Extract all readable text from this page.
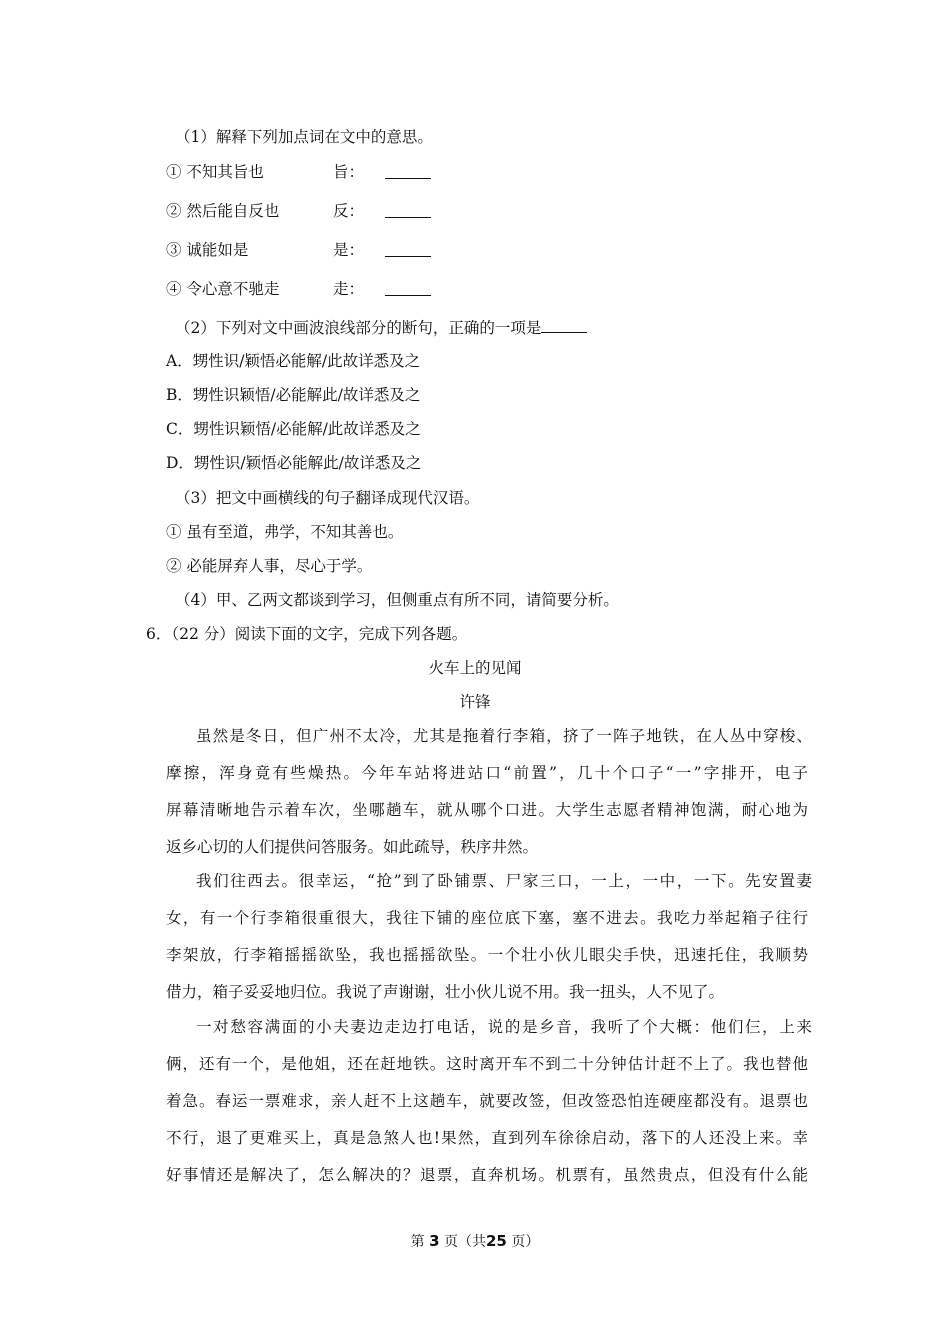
（1）解释下列加点词在文中的意思。
① 不知其旨也	旨：
② 然后能自反也	反：
③ 诚能如是	是：
④ 令心意不驰走	走：
（2）下列对文中画波浪线部分的断句，正确的一项是
A．甥性识/颖悟必能解/此故详悉及之
B．甥性识颖悟/必能解此/故详悉及之
C．甥性识颖悟/必能解/此故详悉及之
D．甥性识/颖悟必能解此/故详悉及之
（3）把文中画横线的句子翻译成现代汉语。
① 虽有至道，弗学，不知其善也。
② 必能屏弃人事，尽心于学。
（4）甲、乙两文都谈到学习，但侧重点有所不同，请简要分析。
6．（22 分）阅读下面的文字，完成下列各题。
火车上的见闻
许锋
虽然是冬日，但广州不太冷，尤其是拖着行李箱，挤了一阵子地铁，在人丛中穿梭、
摩擦，浑身竟有些燥热。今年车站将进站口“前置”，几十个口子“一”字排开，电子
屏幕清晰地告示着车次，坐哪趟车，就从哪个口进。大学生志愿者精神饱满，耐心地为
返乡心切的人们提供问答服务。如此疏导，秩序井然。
我们往西去。很幸运，“抢”到了卧铺票、尸家三口，一上，一中，一下。先安置妻
女，有一个行李箱很重很大，我往下铺的座位底下塞，塞不进去。我吃力举起箱子往行
李架放，行李箱摇摇欲坠，我也摇摇欲坠。一个壮小伙儿眼尖手快，迅速托住，我顺势
借力，箱子妥妥地归位。我说了声谢谢，壮小伙儿说不用。我一扭头，人不见了。
一对愁容满面的小夫妻边走边打电话，说的是乡音，我听了个大概：他们仨，上来
俩，还有一个，是他姐，还在赶地铁。这时离开车不到二十分钟估计赶不上了。我也替他
着急。春运一票难求，亲人赶不上这趟车，就要改签，但改签恐怕连硬座都没有。退票也
不行，退了更难买上，真是急煞人也!果然，直到列车徐徐启动，落下的人还没上来。幸
好事情还是解决了，怎么解决的？退票，直奔机场。机票有，虽然贵点，但没有什么能
第 3 页（共25 页）
